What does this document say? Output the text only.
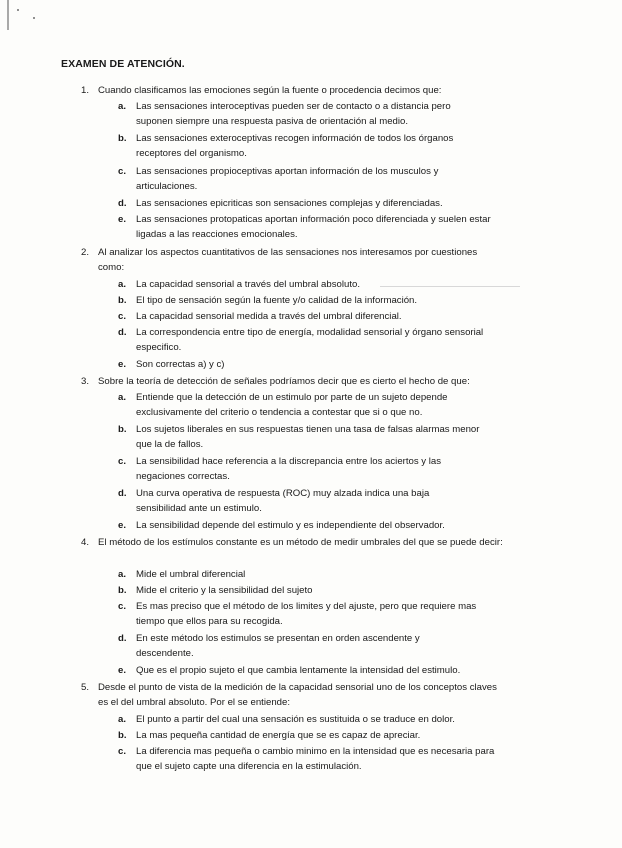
EXAMEN DE ATENCIÓN.
1. Cuando clasificamos las emociones según la fuente o procedencia decimos que:
a. Las sensaciones interoceptivas pueden ser de contacto o a distancia pero suponen siempre una respuesta pasiva de orientación al medio.
b. Las sensaciones exteroceptivas recogen información de todos los órganos receptores del organismo.
c. Las sensaciones propioceptivas aportan información de los musculos y articulaciones.
d. Las sensaciones epicriticas son sensaciones complejas y diferenciadas.
e. Las sensaciones protopaticas aportan información poco diferenciada y suelen estar ligadas a las reacciones emocionales.
2. Al analizar los aspectos cuantitativos de las sensaciones nos interesamos por cuestiones como:
a. La capacidad sensorial a través del umbral absoluto.
b. El tipo de sensación según la fuente y/o calidad de la información.
c. La capacidad sensorial medida a través del umbral diferencial.
d. La correspondencia entre tipo de energía, modalidad sensorial y órgano sensorial especifico.
e. Son correctas a) y c)
3. Sobre la teoría de detección de señales podríamos decir que es cierto el hecho de que:
a. Entiende que la detección de un estimulo por parte de un sujeto depende exclusivamente del criterio o tendencia a contestar que si o que no.
b. Los sujetos liberales en sus respuestas tienen una tasa de falsas alarmas menor que la de fallos.
c. La sensibilidad hace referencia a la discrepancia entre los aciertos y las negaciones correctas.
d. Una curva operativa de respuesta (ROC) muy alzada indica una baja sensibilidad ante un estimulo.
e. La sensibilidad depende del estimulo y es independiente del observador.
4. El método de los estímulos constante es un método de medir umbrales del que se puede decir:
a. Mide el umbral diferencial
b. Mide el criterio y la sensibilidad del sujeto
c. Es mas preciso que el método de los limites y del ajuste, pero que requiere mas tiempo que ellos para su recogida.
d. En este método los estimulos se presentan en orden ascendente y descendente.
e. Que es el propio sujeto el que cambia lentamente la intensidad del estimulo.
5. Desde el punto de vista de la medición de la capacidad sensorial uno de los conceptos claves es el del umbral absoluto. Por el se entiende:
a. El punto a partir del cual una sensación es sustituida o se traduce en dolor.
b. La mas pequeña cantidad de energía que se es capaz de apreciar.
c. La diferencia mas pequeña o cambio minimo en la intensidad que es necesaria para que el sujeto capte una diferencia en la estimulación.
